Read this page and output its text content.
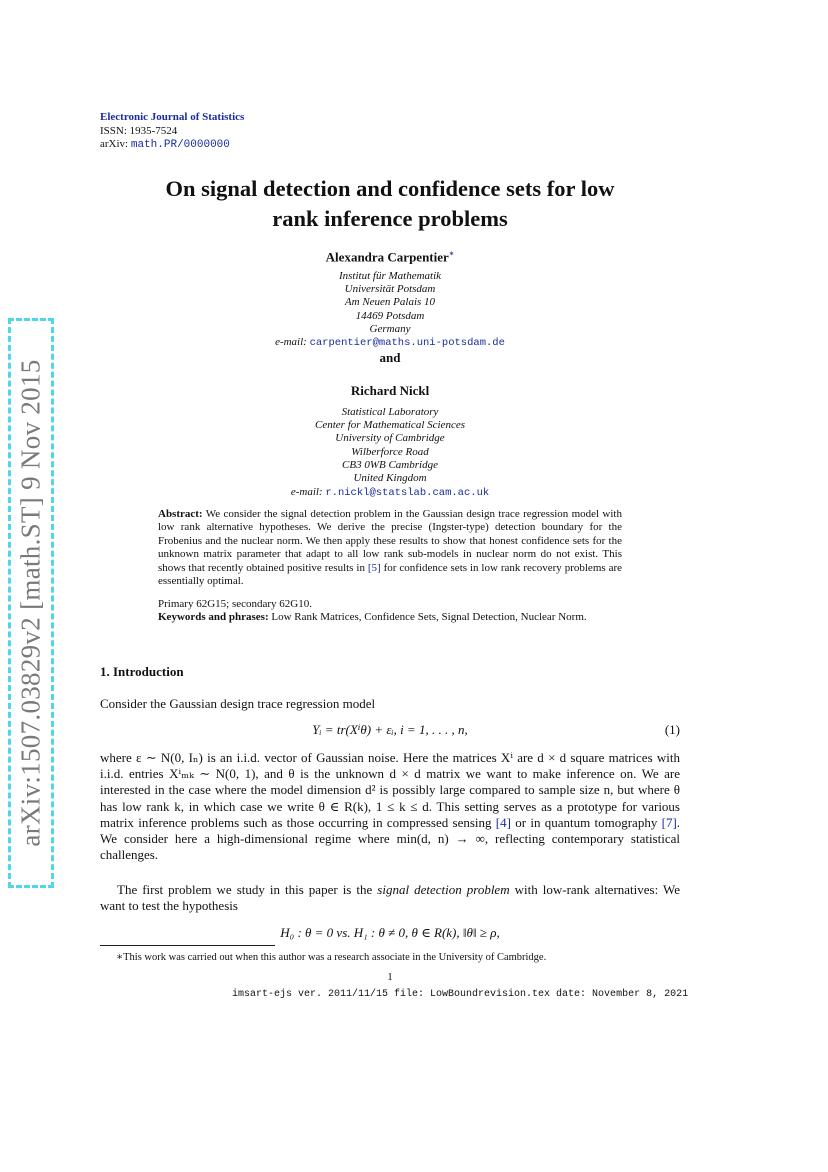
arXiv:1507.03829v2 [math.ST] 9 Nov 2015
Electronic Journal of Statistics
ISSN: 1935-7524
arXiv: math.PR/0000000
On signal detection and confidence sets for low
rank inference problems
Alexandra Carpentier∗
Institut für Mathematik
Universität Potsdam
Am Neuen Palais 10
14469 Potsdam
Germany
e-mail: carpentier@maths.uni-potsdam.de
and
Richard Nickl
Statistical Laboratory
Center for Mathematical Sciences
University of Cambridge
Wilberforce Road
CB3 0WB Cambridge
United Kingdom
e-mail: r.nickl@statslab.cam.ac.uk
Abstract: We consider the signal detection problem in the Gaussian design trace regression model with low rank alternative hypotheses. We derive the precise (Ingster-type) detection boundary for the Frobenius and the nuclear norm. We then apply these results to show that honest confidence sets for the unknown matrix parameter that adapt to all low rank sub-models in nuclear norm do not exist. This shows that recently obtained positive results in [5] for confidence sets in low rank recovery problems are essentially optimal.
Primary 62G15; secondary 62G10.
Keywords and phrases: Low Rank Matrices, Confidence Sets, Signal Detection, Nuclear Norm.
1. Introduction
Consider the Gaussian design trace regression model
Yᵢ = tr(Xⁱθ) + εᵢ, i = 1, . . . , n,	(1)
where ε ∼ N(0, Iₙ) is an i.i.d. vector of Gaussian noise. Here the matrices Xⁱ are d × d square matrices with i.i.d. entries Xⁱₘₖ ∼ N(0, 1), and θ is the unknown d × d matrix we want to make inference on. We are interested in the case where the model dimension d² is possibly large compared to sample size n, but where θ has low rank k, in which case we write θ ∈ R(k), 1 ≤ k ≤ d. This setting serves as a prototype for various matrix inference problems such as those occurring in compressed sensing [4] or in quantum tomography [7]. We consider here a high-dimensional regime where min(d, n) → ∞, reflecting contemporary statistical challenges.
The first problem we study in this paper is the signal detection problem with low-rank alternatives: We want to test the hypothesis
H₀ : θ = 0 vs. H₁ : θ ≠ 0, θ ∈ R(k), ‖θ‖ ≥ ρ,
∗This work was carried out when this author was a research associate in the University of Cambridge.
1
imsart-ejs ver. 2011/11/15 file: LowBoundrevision.tex date: November 8, 2021
